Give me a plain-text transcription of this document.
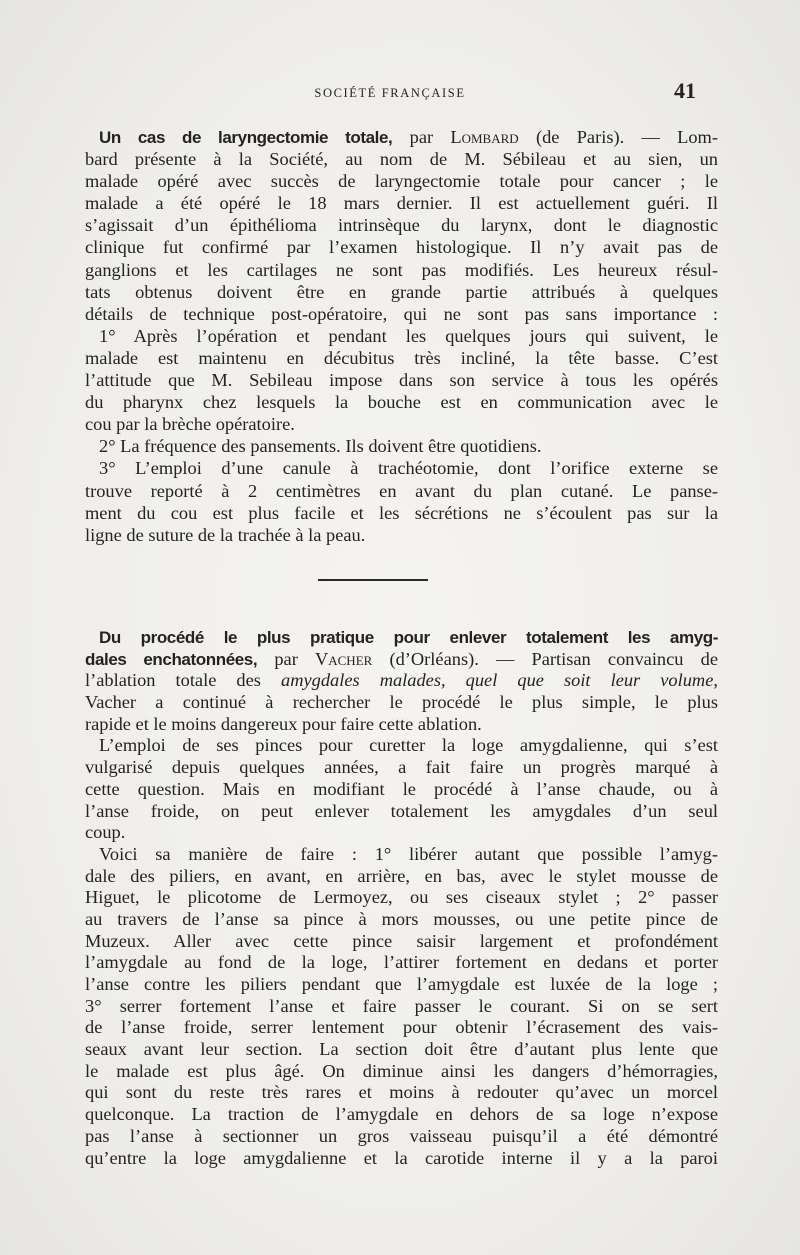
SOCIÉTÉ FRANÇAISE	41
Un cas de laryngectomie totale, par Lombard (de Paris). — Lom-
bard présente à la Société, au nom de M. Sébileau et au sien, un
malade opéré avec succès de laryngectomie totale pour cancer ; le
malade a été opéré le 18 mars dernier. Il est actuellement guéri. Il
s’agissait d’un épithélioma intrinsèque du larynx, dont le diagnostic
clinique fut confirmé par l’examen histologique. Il n’y avait pas de
ganglions et les cartilages ne sont pas modifiés. Les heureux résul-
tats obtenus doivent être en grande partie attribués à quelques
détails de technique post-opératoire, qui ne sont pas sans importance :
1° Après l’opération et pendant les quelques jours qui suivent, le
malade est maintenu en décubitus très incliné, la tête basse. C’est
l’attitude que M. Sebileau impose dans son service à tous les opérés
du pharynx chez lesquels la bouche est en communication avec le
cou par la brèche opératoire.
2° La fréquence des pansements. Ils doivent être quotidiens.
3° L’emploi d’une canule à trachéotomie, dont l’orifice externe se
trouve reporté à 2 centimètres en avant du plan cutané. Le panse-
ment du cou est plus facile et les sécrétions ne s’écoulent pas sur la
ligne de suture de la trachée à la peau.
Du procédé le plus pratique pour enlever totalement les amyg-
dales enchatonnées, par Vacher (d’Orléans). — Partisan convaincu de
l’ablation totale des amygdales malades, quel que soit leur volume,
Vacher a continué à rechercher le procédé le plus simple, le plus
rapide et le moins dangereux pour faire cette ablation.
L’emploi de ses pinces pour curetter la loge amygdalienne, qui s’est
vulgarisé depuis quelques années, a fait faire un progrès marqué à
cette question. Mais en modifiant le procédé à l’anse chaude, ou à
l’anse froide, on peut enlever totalement les amygdales d’un seul
coup.
Voici sa manière de faire : 1° libérer autant que possible l’amyg-
dale des piliers, en avant, en arrière, en bas, avec le stylet mousse de
Higuet, le plicotome de Lermoyez, ou ses ciseaux stylet ; 2° passer
au travers de l’anse sa pince à mors mousses, ou une petite pince de
Muzeux. Aller avec cette pince saisir largement et profondément
l’amygdale au fond de la loge, l’attirer fortement en dedans et porter
l’anse contre les piliers pendant que l’amygdale est luxée de la loge ;
3° serrer fortement l’anse et faire passer le courant. Si on se sert
de l’anse froide, serrer lentement pour obtenir l’écrasement des vais-
seaux avant leur section. La section doit être d’autant plus lente que
le malade est plus âgé. On diminue ainsi les dangers d’hémorragies,
qui sont du reste très rares et moins à redouter qu’avec un morcel
quelconque. La traction de l’amygdale en dehors de sa loge n’expose
pas l’anse à sectionner un gros vaisseau puisqu’il a été démontré
qu’entre la loge amygdalienne et la carotide interne il y a la paroi
